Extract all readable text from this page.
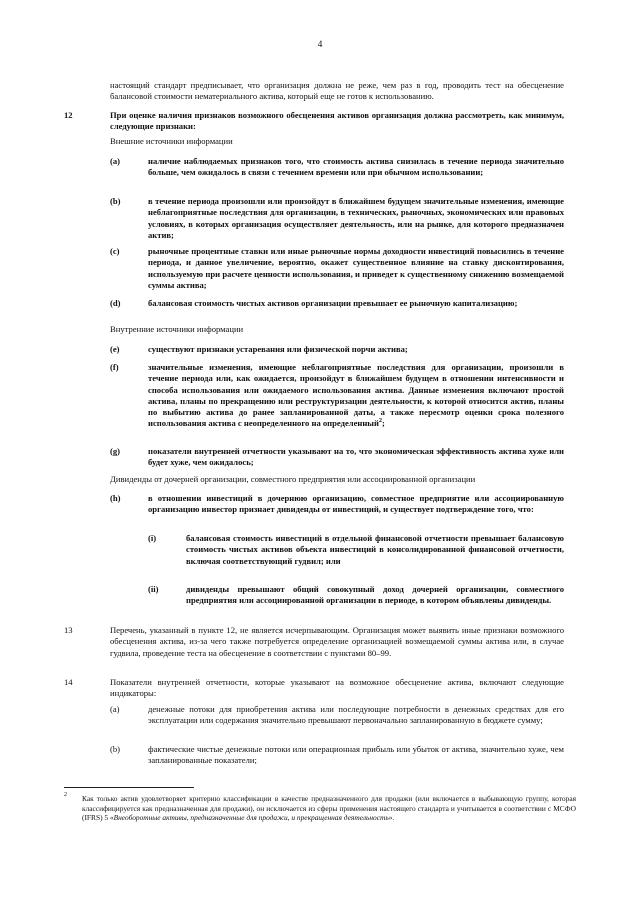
4
настоящий стандарт предписывает, что организация должна не реже, чем раз в год, проводить тест на обесценение балансовой стоимости нематериального актива, который еще не готов к использованию.
12	При оценке наличия признаков возможного обесценения активов организация должна рассмотреть, как минимум, следующие признаки:
Внешние источники информации
(a)	наличие наблюдаемых признаков того, что стоимость актива снизилась в течение периода значительно больше, чем ожидалось в связи с течением времени или при обычном использовании;
(b)	в течение периода произошли или произойдут в ближайшем будущем значительные изменения, имеющие неблагоприятные последствия для организации, в технических, рыночных, экономических или правовых условиях, в которых организация осуществляет деятельность, или на рынке, для которого предназначен актив;
(c)	рыночные процентные ставки или иные рыночные нормы доходности инвестиций повысились в течение периода, и данное увеличение, вероятно, окажет существенное влияние на ставку дисконтирования, используемую при расчете ценности использования, и приведет к существенному снижению возмещаемой суммы актива;
(d)	балансовая стоимость чистых активов организации превышает ее рыночную капитализацию;
Внутренние источники информации
(e)	существуют признаки устаревания или физической порчи актива;
(f)	значительные изменения, имеющие неблагоприятные последствия для организации, произошли в течение периода или, как ожидается, произойдут в ближайшем будущем в отношении интенсивности и способа использования или ожидаемого использования актива. Данные изменения включают простой актива, планы по прекращению или реструктуризации деятельности, к которой относится актив, планы по выбытию актива до ранее запланированной даты, а также пересмотр оценки срока полезного использования актива с неопределенного на определенный$^2$;
(g)	показатели внутренней отчетности указывают на то, что экономическая эффективность актива хуже или будет хуже, чем ожидалось;
Дивиденды от дочерней организации, совместного предприятия или ассоциированной организации
(h)	в отношении инвестиций в дочернюю организацию, совместное предприятие или ассоциированную организацию инвестор признает дивиденды от инвестиций, и существует подтверждение того, что:
(i)	балансовая стоимость инвестиций в отдельной финансовой отчетности превышает балансовую стоимость чистых активов объекта инвестиций в консолидированной финансовой отчетности, включая соответствующий гудвил; или
(ii)	дивиденды превышают общий совокупный доход дочерней организации, совместного предприятия или ассоциированной организации в периоде, в котором объявлены дивиденды.
13	Перечень, указанный в пункте 12, не является исчерпывающим. Организация может выявить иные признаки возможного обесценения актива, из-за чего также потребуется определение организацией возмещаемой суммы актива или, в случае гудвила, проведение теста на обесценение в соответствии с пунктами 80–99.
14	Показатели внутренней отчетности, которые указывают на возможное обесценение актива, включают следующие индикаторы:
(a)	денежные потоки для приобретения актива или последующие потребности в денежных средствах для его эксплуатации или содержания значительно превышают первоначально запланированную в бюджете сумму;
(b)	фактические чистые денежные потоки или операционная прибыль или убыток от актива, значительно хуже, чем запланированные показатели;
2 Как только актив удовлетворяет критерию классификации в качестве предназначенного для продажи (или включается в выбывающую группу, которая классифицируется как предназначенная для продажи), он исключается из сферы применения настоящего стандарта и учитывается в соответствии с МСФО (IFRS) 5 «Внеоборотные активы, предназначенные для продажи, и прекращенная деятельность».
